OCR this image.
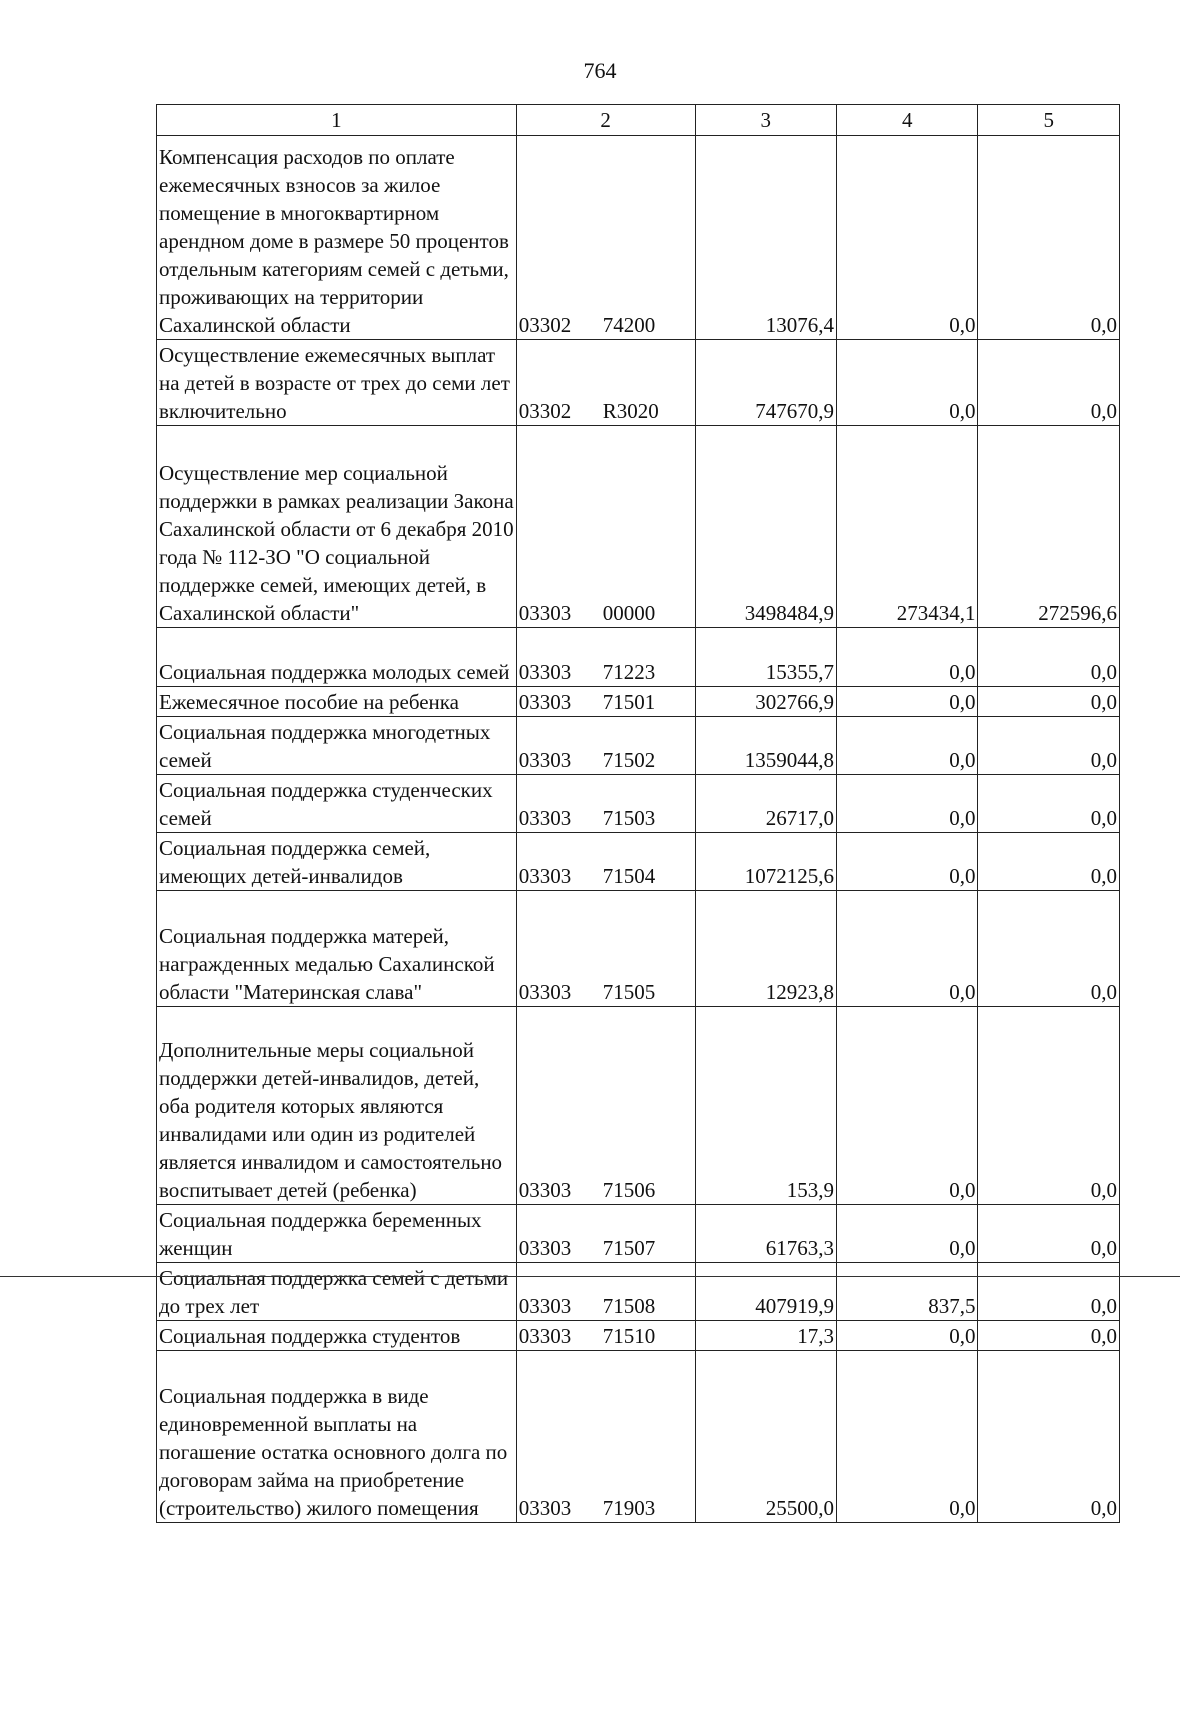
764
1	2	3	4	5
Компенсация расходов по оплате ежемесячных взносов за жилое помещение в многоквартирном арендном доме в размере 50 процентов отдельным категориям семей с детьми, проживающих на территории Сахалинской области	03302 74200	13076,4	0,0	0,0
Осуществление ежемесячных выплат на детей в возрасте от трех до семи лет включительно	03302 R3020	747670,9	0,0	0,0
Осуществление мер социальной поддержки в рамках реализации Закона Сахалинской области от 6 декабря 2010 года № 112-ЗО "О социальной поддержке семей, имеющих детей, в Сахалинской области"	03303 00000	3498484,9	273434,1	272596,6
Социальная поддержка молодых семей	03303 71223	15355,7	0,0	0,0
Ежемесячное пособие на ребенка	03303 71501	302766,9	0,0	0,0
Социальная поддержка многодетных семей	03303 71502	1359044,8	0,0	0,0
Социальная поддержка студенческих семей	03303 71503	26717,0	0,0	0,0
Социальная поддержка семей, имеющих детей-инвалидов	03303 71504	1072125,6	0,0	0,0
Социальная поддержка матерей, награжденных медалью Сахалинской области "Материнская слава"	03303 71505	12923,8	0,0	0,0
Дополнительные меры социальной поддержки детей-инвалидов, детей, оба родителя которых являются инвалидами или один из родителей является инвалидом и самостоятельно воспитывает детей (ребенка)	03303 71506	153,9	0,0	0,0
Социальная поддержка беременных женщин	03303 71507	61763,3	0,0	0,0
Социальная поддержка семей с детьми до трех лет	03303 71508	407919,9	837,5	0,0
Социальная поддержка студентов	03303 71510	17,3	0,0	0,0
Социальная поддержка в виде единовременной выплаты на погашение остатка основного долга по договорам займа на приобретение (строительство) жилого помещения	03303 71903	25500,0	0,0	0,0
